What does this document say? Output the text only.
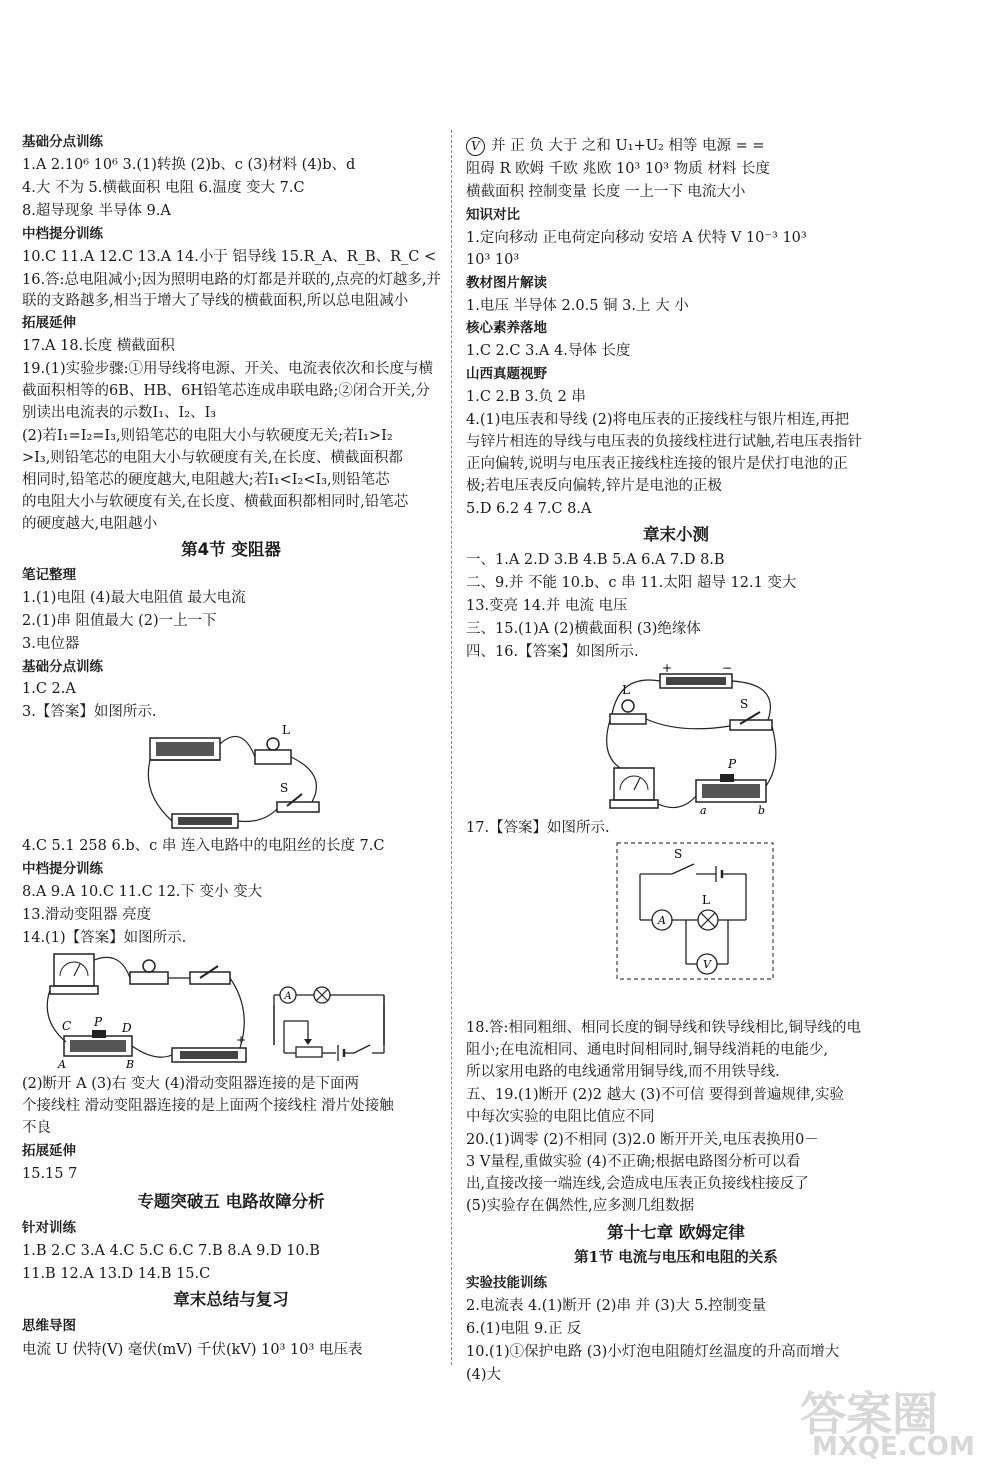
基础分点训练
1.A 2.10⁶ 10⁶ 3.(1)转换 (2)b、c (3)材料 (4)b、d
4.大 不为 5.横截面积 电阻 6.温度 变大 7.C
8.超导现象 半导体 9.A
中档提分训练
10.C 11.A 12.C 13.A 14.小于 铝导线 15.R_A、R_B、R_C <
16.答:总电阻减小;因为照明电路的灯都是并联的,点亮的灯越多,并
联的支路越多,相当于增大了导线的横截面积,所以总电阻减小
拓展延伸
17.A 18.长度 横截面积
19.(1)实验步骤:①用导线将电源、开关、电流表依次和长度与横
截面积相等的6B、HB、6H铅笔芯连成串联电路;②闭合开关,分
别读出电流表的示数I₁、I₂、I₃
(2)若I₁=I₂=I₃,则铅笔芯的电阻大小与软硬度无关;若I₁>I₂
>I₃,则铅笔芯的电阻大小与软硬度有关,在长度、横截面积都
相同时,铅笔芯的硬度越大,电阻越大;若I₁<I₂<I₃,则铅笔芯
的电阻大小与软硬度有关,在长度、横截面积都相同时,铅笔芯
的硬度越大,电阻越小
第4节 变阻器
笔记整理
1.(1)电阻 (4)最大电阻值 最大电流
2.(1)串 阻值最大 (2)一上一下
3.电位器
基础分点训练
1.C 2.A
3.【答案】如图所示.
4.C 5.1 258 6.b、c 串 连入电路中的电阻丝的长度 7.C
中档提分训练
8.A 9.A 10.C 11.C 12.下 变小 变大
13.滑动变阻器 亮度
14.(1)【答案】如图所示.
(2)断开 A (3)右 变大 (4)滑动变阻器连接的是下面两
个接线柱 滑动变阻器连接的是上面两个接线柱 滑片处接触
不良
拓展延伸
15.15 7
专题突破五 电路故障分析
针对训练
1.B 2.C 3.A 4.C 5.C 6.C 7.B 8.A 9.D 10.B
11.B 12.A 13.D 14.B 15.C
章末总结与复习
思维导图
电流 U 伏特(V) 毫伏(mV) 千伏(kV) 10³ 10³ 电压表
V 并 正 负 大于 之和 U₁+U₂ 相等 电源 = =
阻碍 R 欧姆 千欧 兆欧 10³ 10³ 物质 材料 长度
横截面积 控制变量 长度 一上一下 电流大小
知识对比
1.定向移动 正电荷定向移动 安培 A 伏特 V 10⁻³ 10³
10³ 10³
教材图片解读
1.电压 半导体 2.0.5 铜 3.上 大 小
核心素养落地
1.C 2.C 3.A 4.导体 长度
山西真题视野
1.C 2.B 3.负 2 串
4.(1)电压表和导线 (2)将电压表的正接线柱与银片相连,再把
与锌片相连的导线与电压表的负接线柱进行试触,若电压表指针
正向偏转,说明与电压表正接线柱连接的银片是伏打电池的正
极;若电压表反向偏转,锌片是电池的正极
5.D 6.2 4 7.C 8.A
章末小测
一、1.A 2.D 3.B 4.B 5.A 6.A 7.D 8.B
二、9.并 不能 10.b、c 串 11.太阳 超导 12.1 变大
13.变亮 14.并 电流 电压
三、15.(1)A (2)横截面积 (3)绝缘体
四、16.【答案】如图所示.
17.【答案】如图所示.
18.答:相同粗细、相同长度的铜导线和铁导线相比,铜导线的电
阻小;在电流相同、通电时间相同时,铜导线消耗的电能少,
所以家用电路的电线通常用铜导线,而不用铁导线.
五、19.(1)断开 (2)2 越大 (3)不可信 要得到普遍规律,实验
中每次实验的电阻比值应不同
20.(1)调零 (2)不相同 (3)2.0 断开开关,电压表换用0－
3 V量程,重做实验 (4)不正确;根据电路图分析可以看
出,直接改接一端连线,会造成电压表正负接线柱接反了
(5)实验存在偶然性,应多测几组数据
第十七章 欧姆定律
第1节 电流与电压和电阻的关系
实验技能训练
2.电流表 4.(1)断开 (2)串 并 (3)大 5.控制变量
6.(1)电阻 9.正 反
10.(1)①保护电路 (3)小灯泡电阻随灯丝温度的升高而增大
(4)大
L
S
C P D
A	B
+
A
+	−
L
S
P
a	b
S
A
L
V
答案圈
MXQE.COM
